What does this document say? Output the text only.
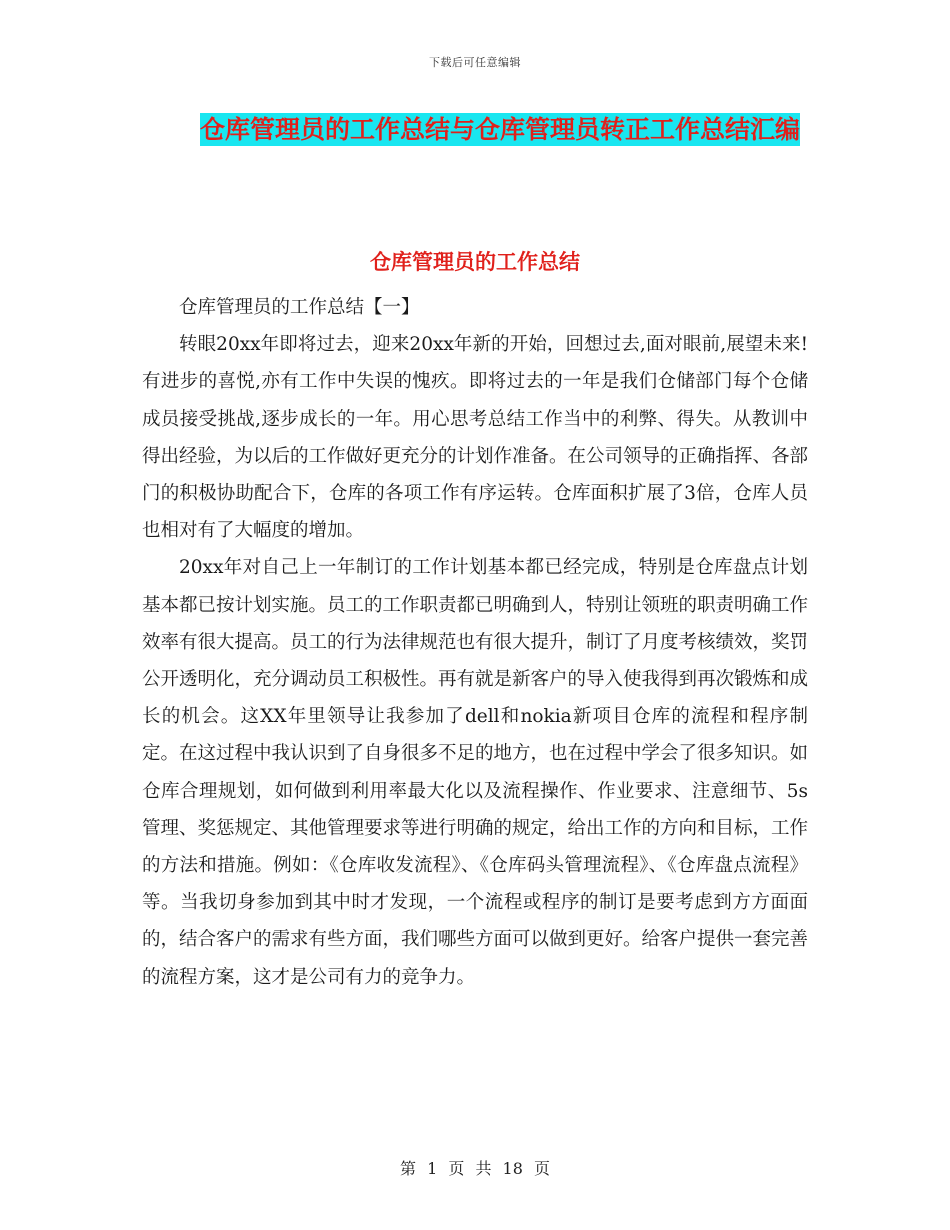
下载后可任意编辑
仓库管理员的工作总结与仓库管理员转正工作总结汇编
仓库管理员的工作总结

仓库管理员的工作总结【一】

转眼20xx年即将过去，迎来20xx年新的开始，回想过去,面对眼前,展望未来!有进步的喜悦,亦有工作中失误的愧疚。即将过去的一年是我们仓储部门每个仓储成员接受挑战,逐步成长的一年。用心思考总结工作当中的利弊、得失。从教训中得出经验，为以后的工作做好更充分的计划作准备。在公司领导的正确指挥、各部门的积极协助配合下，仓库的各项工作有序运转。仓库面积扩展了3倍，仓库人员也相对有了大幅度的增加。

20xx年对自己上一年制订的工作计划基本都已经完成，特别是仓库盘点计划基本都已按计划实施。员工的工作职责都已明确到人，特别让领班的职责明确工作效率有很大提高。员工的行为法律规范也有很大提升，制订了月度考核绩效，奖罚公开透明化，充分调动员工积极性。再有就是新客户的导入使我得到再次锻炼和成长的机会。这XX年里领导让我参加了dell和nokia新项目仓库的流程和程序制定。在这过程中我认识到了自身很多不足的地方，也在过程中学会了很多知识。如仓库合理规划，如何做到利用率最大化以及流程操作、作业要求、注意细节、5s管理、奖惩规定、其他管理要求等进行明确的规定，给出工作的方向和目标，工作的方法和措施。例如：《仓库收发流程》、《仓库码头管理流程》、《仓库盘点流程》等。当我切身参加到其中时才发现，一个流程或程序的制订是要考虑到方方面面的，结合客户的需求有些方面，我们哪些方面可以做到更好。给客户提供一套完善的流程方案，这才是公司有力的竞争力。

第 1 页 共 18 页
